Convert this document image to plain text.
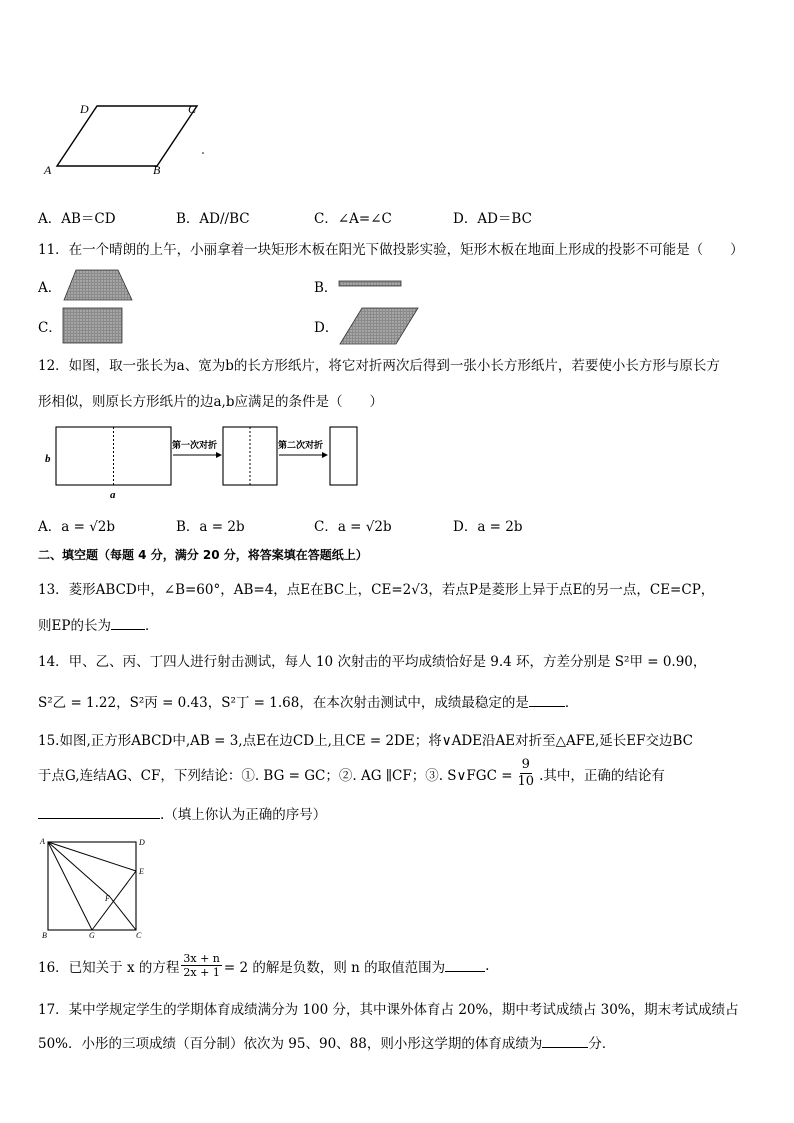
D	C
A	B
A．AB＝CD	B．AD//BC	C．∠A=∠C	D．AD＝BC
11．在一个晴朗的上午，小丽拿着一块矩形木板在阳光下做投影实验，矩形木板在地面上形成的投影不可能是（　　）
A．	B．
C．	D．
12．如图，取一张长为a、宽为b的长方形纸片，将它对折两次后得到一张小长方形纸片，若要使小长方形与原长方
形相似，则原长方形纸片的边a,b应满足的条件是（　　）
b
a
第一次对折	第二次对折
A．a = √2b	B．a = 2b	C．a = √2b	D．a = 2b
二、填空题（每题 4 分，满分 20 分，将答案填在答题纸上）
13．菱形ABCD中，∠B=60°，AB=4，点E在BC上，CE=2√3，若点P是菱形上异于点E的另一点，CE=CP，
则EP的长为	．
14．甲、乙、丙、丁四人进行射击测试，每人 10 次射击的平均成绩恰好是 9.4 环，方差分别是 S²甲 = 0.90，
S²乙 = 1.22，S²丙 = 0.43，S²丁 = 1.68，在本次射击测试中，成绩最稳定的是	．
15.如图,正方形ABCD中,AB = 3,点E在边CD上,且CE = 2DE；将∨ADE沿AE对折至△AFE,延长EF交边BC
于点G,连结AG、CF，下列结论：①. BG = GC；②. AG ∥CF；③. S∨FGC = $\frac{9}{10}$ .其中，正确的结论有
.（填上你认为正确的序号）
A	D
E
F
B	G	C
16．已知关于 x 的方程 $\frac{3x + n}{2x + 1} = 2$ 的解是负数，则 n 的取值范围为	.
17．某中学规定学生的学期体育成绩满分为 100 分，其中课外体育占 20%，期中考试成绩占 30%，期末考试成绩占
50%．小彤的三项成绩（百分制）依次为 95、90、88，则小彤这学期的体育成绩为	分．
